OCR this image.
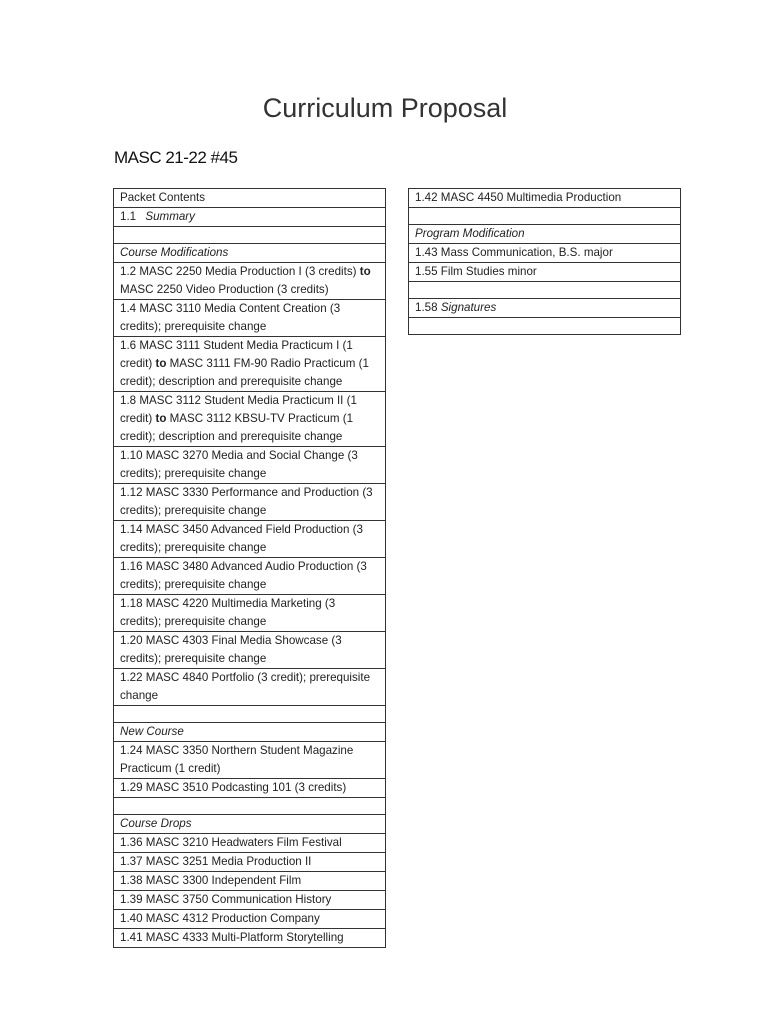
Curriculum Proposal
MASC 21-22 #45
Packet Contents
1.1 Summary

Course Modifications
1.2 MASC 2250 Media Production I (3 credits) to MASC 2250 Video Production (3 credits)
1.4 MASC 3110 Media Content Creation (3 credits); prerequisite change
1.6 MASC 3111 Student Media Practicum I (1 credit) to MASC 3111 FM-90 Radio Practicum (1 credit); description and prerequisite change
1.8 MASC 3112 Student Media Practicum II (1 credit) to MASC 3112 KBSU-TV Practicum (1 credit); description and prerequisite change
1.10 MASC 3270 Media and Social Change (3 credits); prerequisite change
1.12 MASC 3330 Performance and Production (3 credits); prerequisite change
1.14 MASC 3450 Advanced Field Production (3 credits); prerequisite change
1.16 MASC 3480 Advanced Audio Production (3 credits); prerequisite change
1.18 MASC 4220 Multimedia Marketing (3 credits); prerequisite change
1.20 MASC 4303 Final Media Showcase (3 credits); prerequisite change
1.22 MASC 4840 Portfolio (3 credit); prerequisite change

New Course
1.24 MASC 3350 Northern Student Magazine Practicum (1 credit)
1.29 MASC 3510 Podcasting 101 (3 credits)

Course Drops
1.36 MASC 3210 Headwaters Film Festival
1.37 MASC 3251 Media Production II
1.38 MASC 3300 Independent Film
1.39 MASC 3750 Communication History
1.40 MASC 4312 Production Company
1.41 MASC 4333 Multi-Platform Storytelling
1.42 MASC 4450 Multimedia Production

Program Modification
1.43 Mass Communication, B.S. major
1.55 Film Studies minor

1.58 Signatures
